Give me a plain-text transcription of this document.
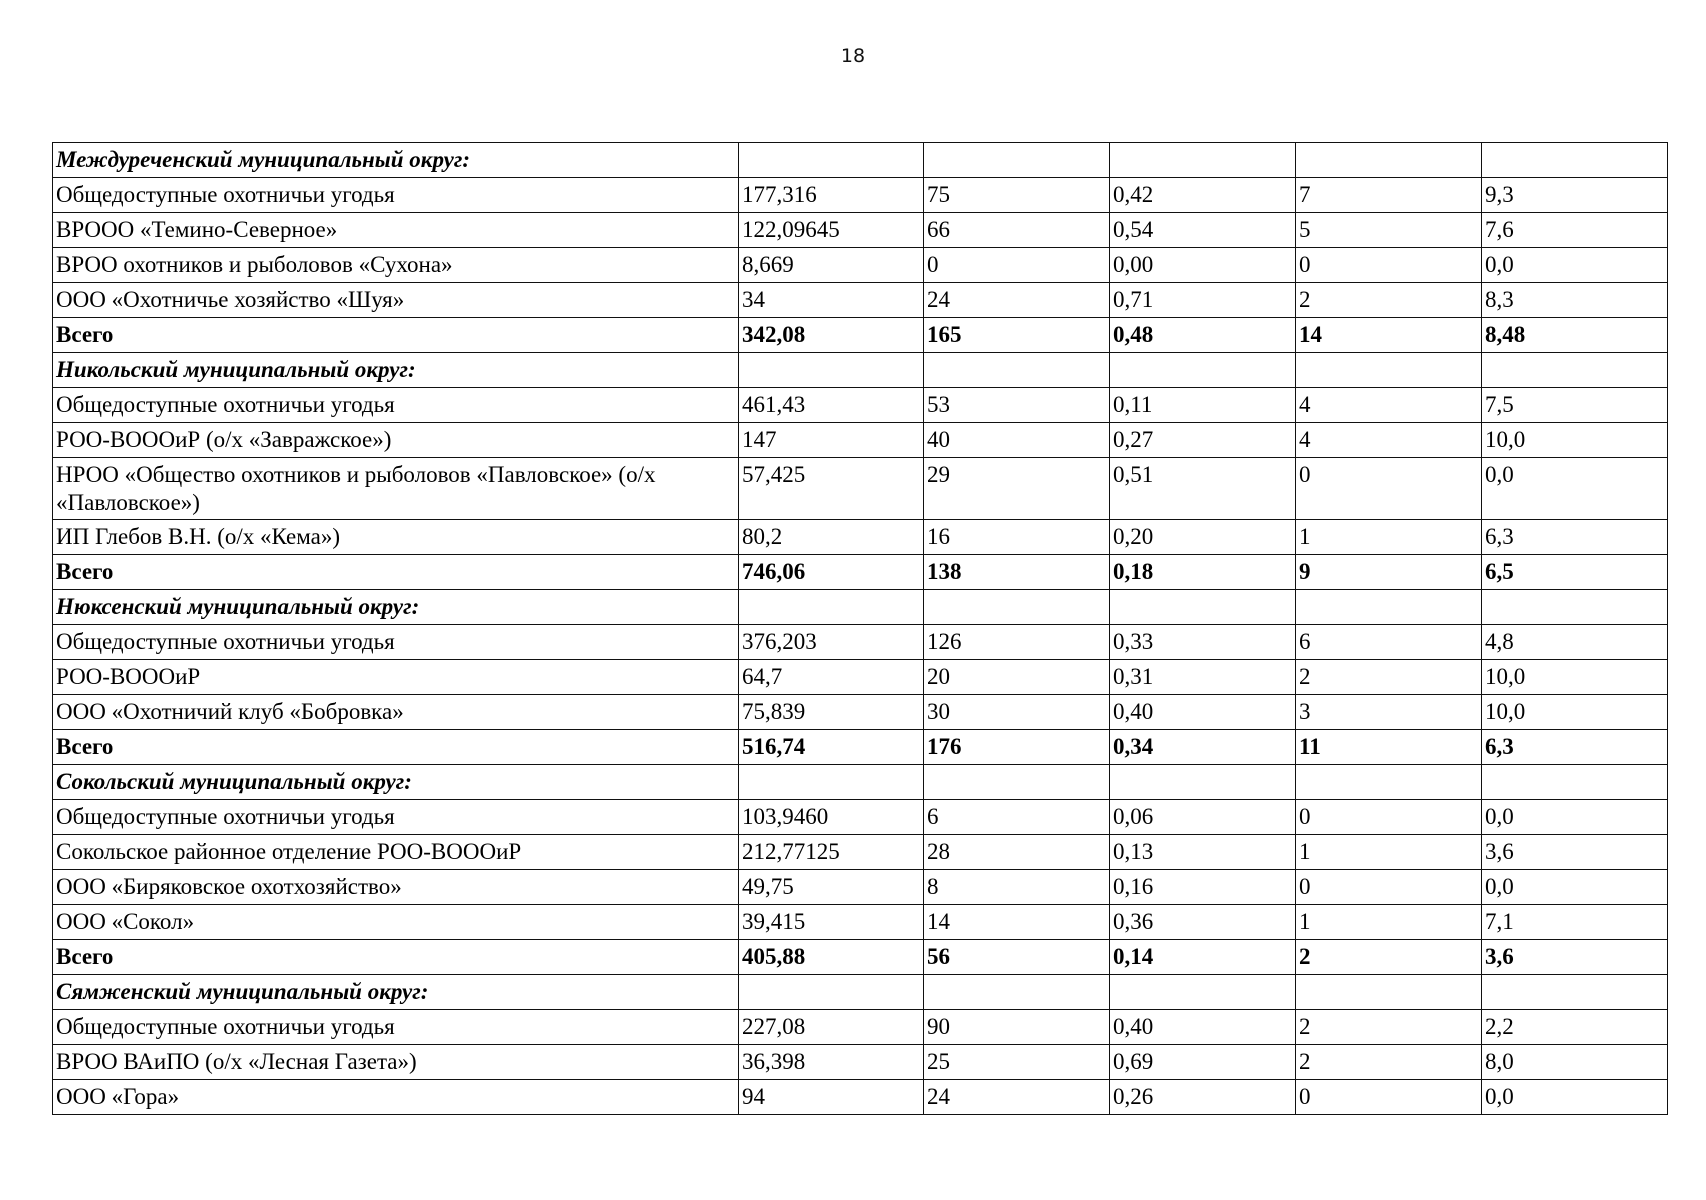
18
Междуреченский муниципальный округ:					
Общедоступные охотничьи угодья	177,316	75	0,42	7	9,3
ВРООО «Темино-Северное»	122,09645	66	0,54	5	7,6
ВРОО охотников и рыболовов «Сухона»	8,669	0	0,00	0	0,0
ООО «Охотничье хозяйство «Шуя»	34	24	0,71	2	8,3
Всего	342,08	165	0,48	14	8,48
Никольский муниципальный округ:					
Общедоступные охотничьи угодья	461,43	53	0,11	4	7,5
РОО-ВОООиР (о/х «Завражское»)	147	40	0,27	4	10,0
НРОО «Общество охотников и рыболовов «Павловское» (о/х «Павловское»)	57,425	29	0,51	0	0,0
ИП Глебов В.Н. (о/х «Кема»)	80,2	16	0,20	1	6,3
Всего	746,06	138	0,18	9	6,5
Нюксенский муниципальный округ:					
Общедоступные охотничьи угодья	376,203	126	0,33	6	4,8
РОО-ВОООиР	64,7	20	0,31	2	10,0
ООО «Охотничий клуб «Бобровка»	75,839	30	0,40	3	10,0
Всего	516,74	176	0,34	11	6,3
Сокольский муниципальный округ:					
Общедоступные охотничьи угодья	103,9460	6	0,06	0	0,0
Сокольское районное отделение РОО-ВОООиР	212,77125	28	0,13	1	3,6
ООО «Биряковское охотхозяйство»	49,75	8	0,16	0	0,0
ООО «Сокол»	39,415	14	0,36	1	7,1
Всего	405,88	56	0,14	2	3,6
Сямженский муниципальный округ:					
Общедоступные охотничьи угодья	227,08	90	0,40	2	2,2
ВРОО ВАиПО (о/х «Лесная Газета»)	36,398	25	0,69	2	8,0
ООО «Гора»	94	24	0,26	0	0,0
